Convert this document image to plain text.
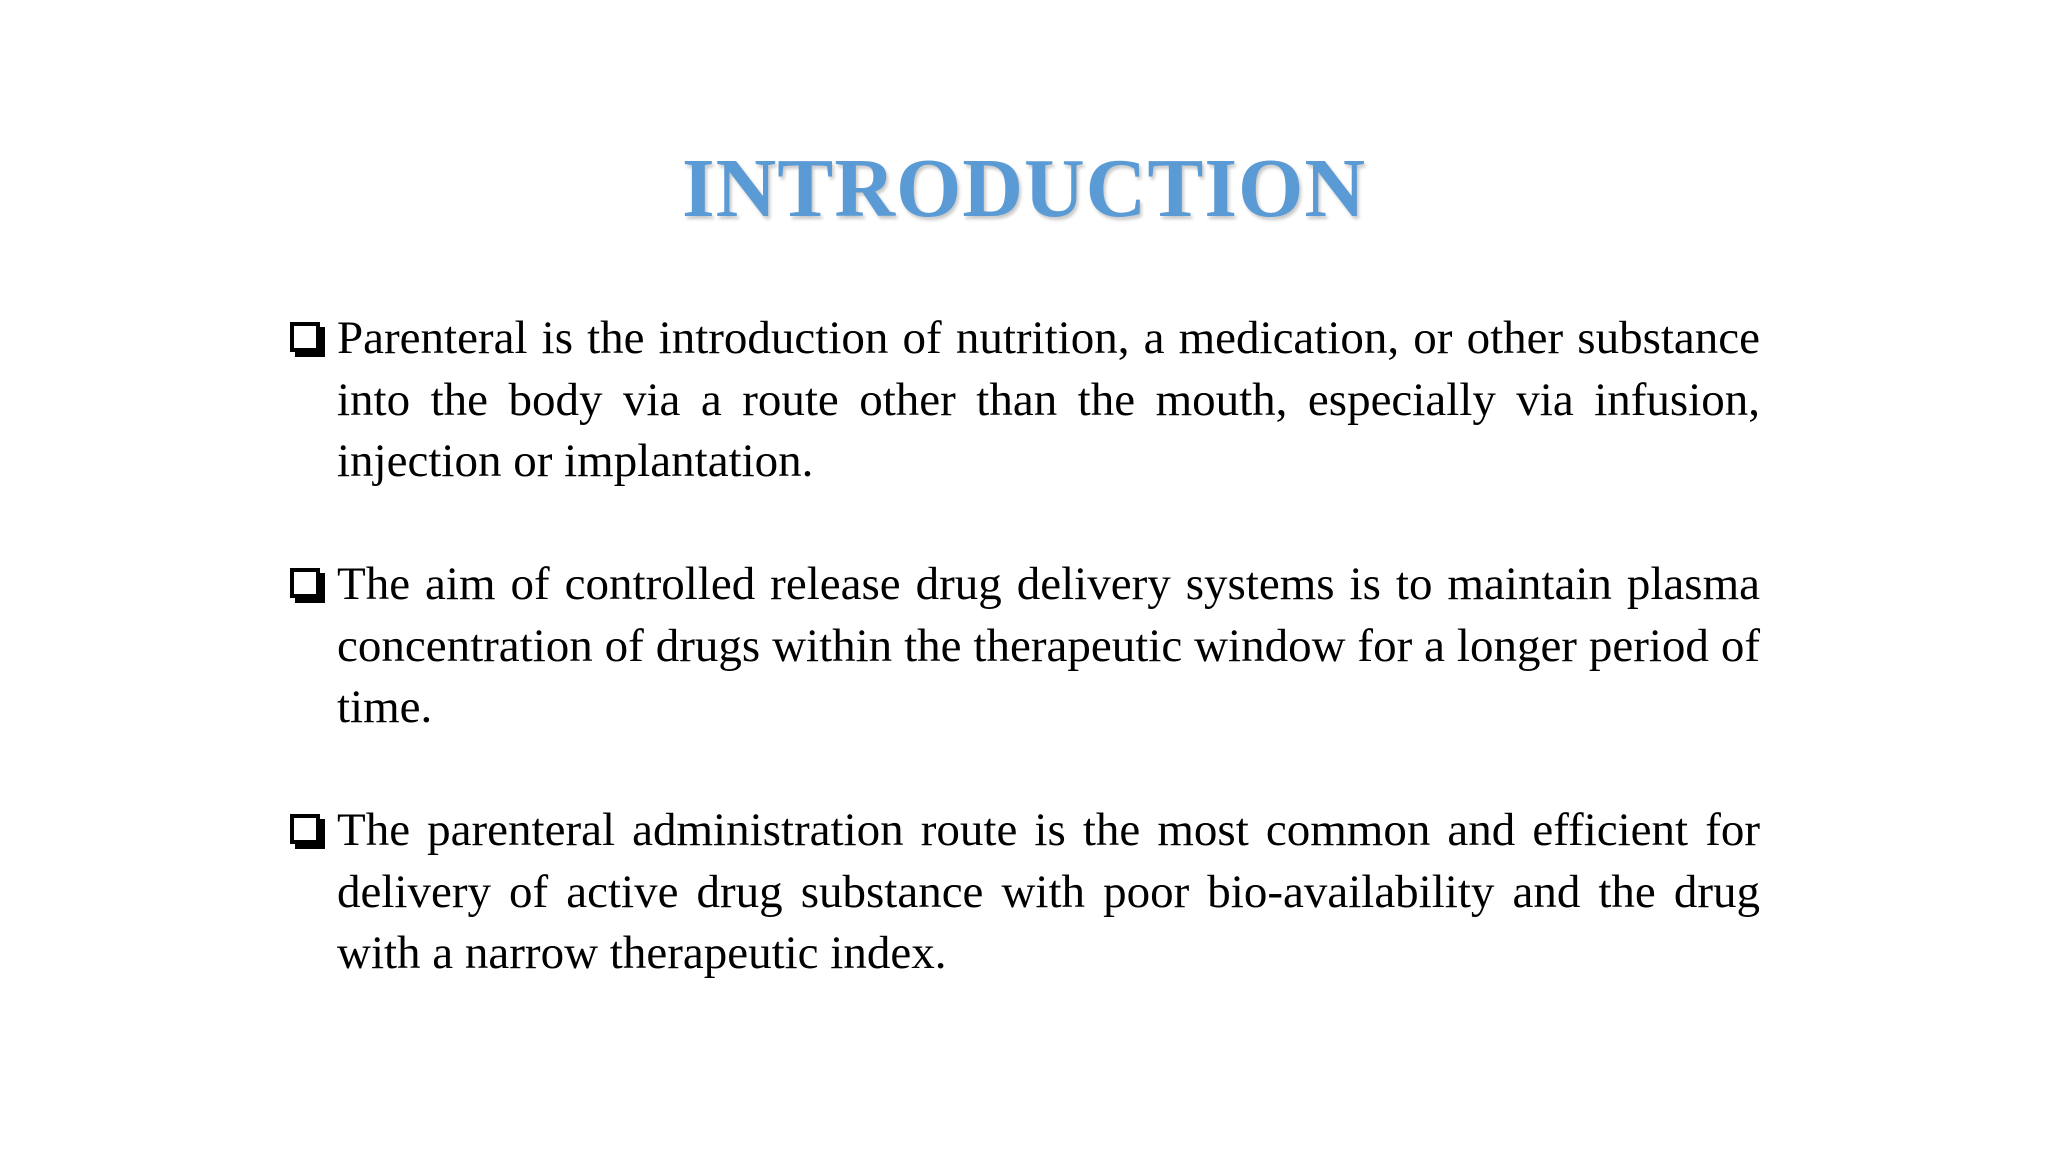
INTRODUCTION
Parenteral is the introduction of nutrition, a medication, or other substance into the body via a route other than the mouth, especially via infusion, injection or implantation.
The aim of controlled release drug delivery systems is to maintain plasma concentration of drugs within the therapeutic window for a longer period of time.
The parenteral administration route is the most common and efficient for delivery of active drug substance with poor bio-availability and the drug with a narrow therapeutic index.
